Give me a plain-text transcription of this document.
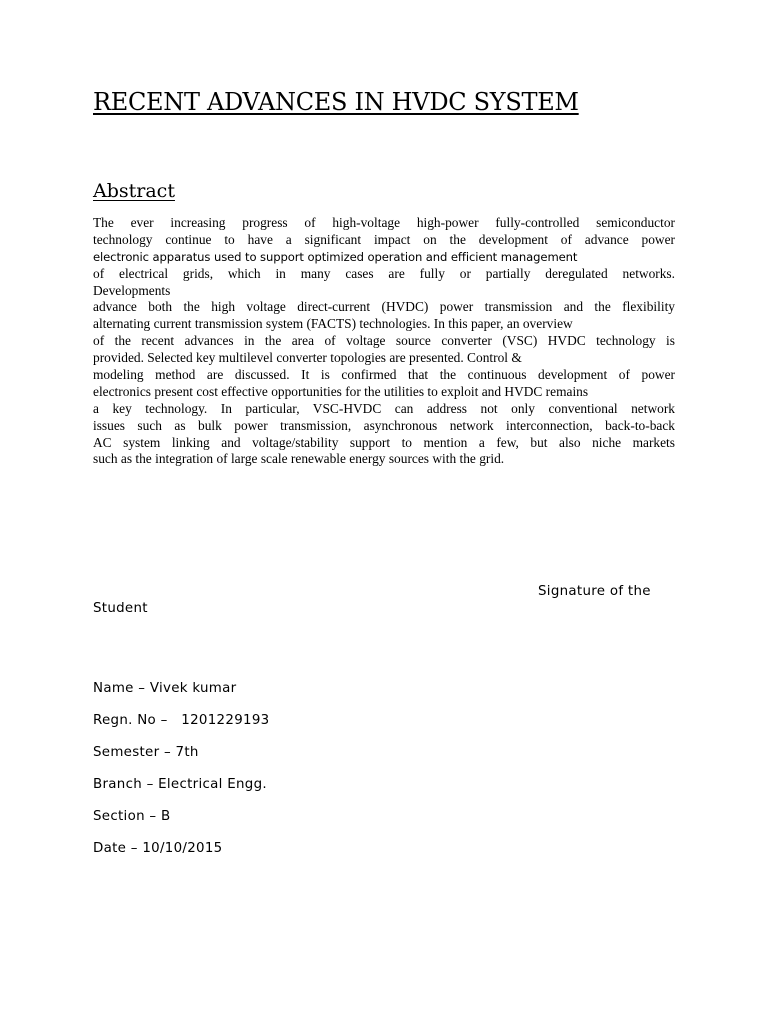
RECENT ADVANCES IN HVDC SYSTEM
Abstract
The ever increasing progress of high-voltage high-power fully-controlled semiconductor
technology continue to have a significant impact on the development of advance power
electronic apparatus used to support optimized operation and efficient management
of electrical grids, which in many cases are fully or partially deregulated networks.
Developments
advance both the high voltage direct-current (HVDC) power transmission and the flexibility
alternating current transmission system (FACTS) technologies. In this paper, an overview
of the recent advances in the area of voltage source converter (VSC) HVDC technology is
provided. Selected key multilevel converter topologies are presented. Control &
modeling method are discussed. It is confirmed that the continuous development of power
electronics present cost effective opportunities for the utilities to exploit and HVDC remains
a key technology. In particular, VSC-HVDC can address not only conventional network
issues such as bulk power transmission, asynchronous network interconnection, back-to-back
AC system linking and voltage/stability support to mention a few, but also niche markets
such as the integration of large scale renewable energy sources with the grid.
Signature of the
Student
Name – Vivek kumar
Regn. No –   1201229193
Semester – 7th
Branch – Electrical Engg.
Section – B
Date – 10/10/2015
